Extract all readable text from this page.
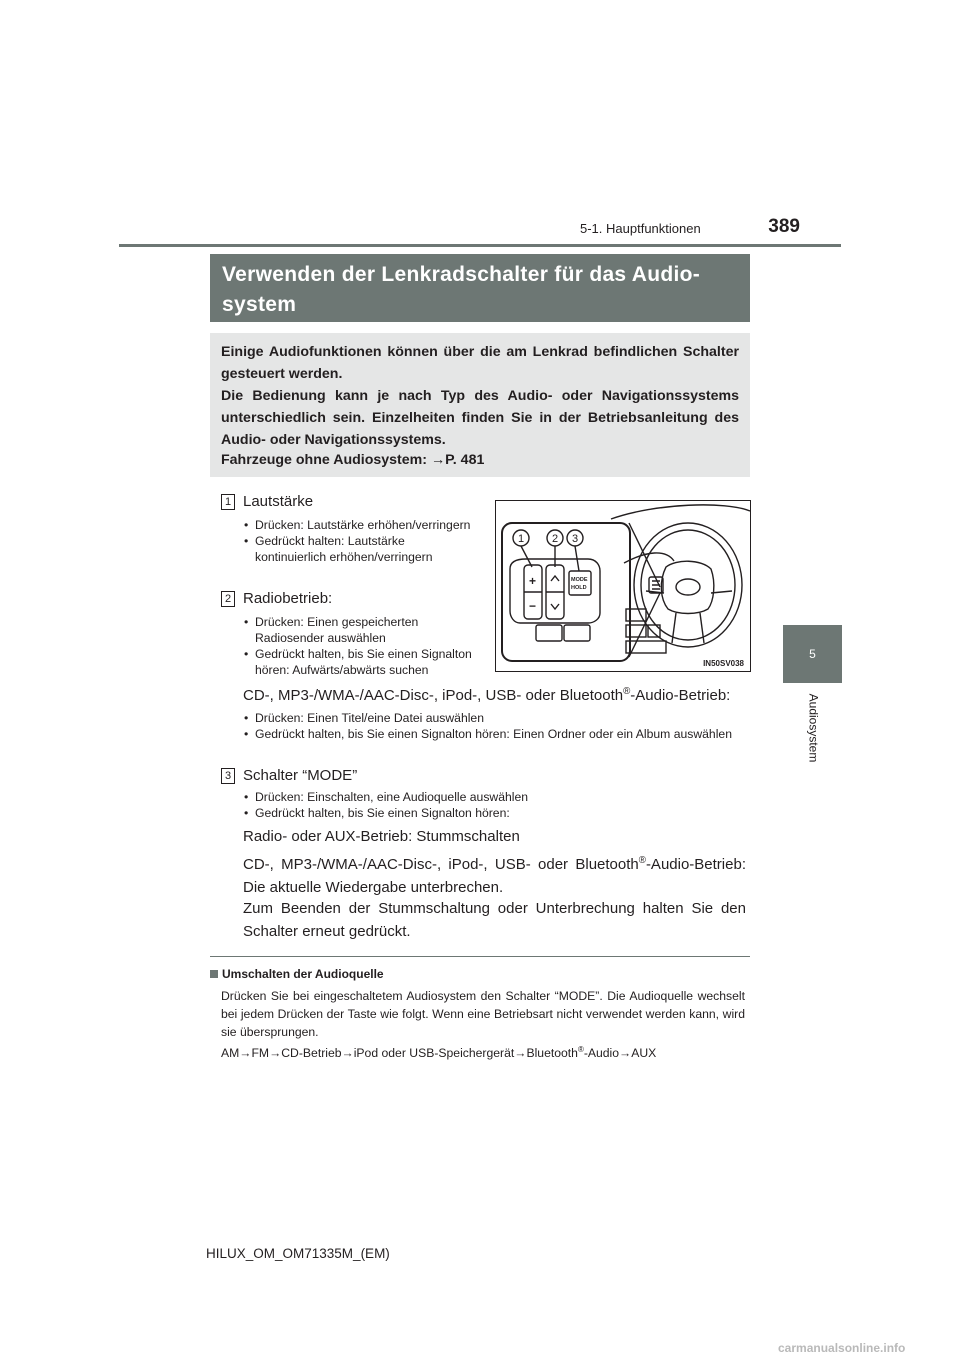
5-1. Hauptfunktionen	389
5
Audiosystem
Verwenden der Lenkradschalter für das Audio-system

Einige Audiofunktionen können über die am Lenkrad befindlichen Schalter gesteuert werden.

Die Bedienung kann je nach Typ des Audio- oder Navigationssystems unterschiedlich sein. Einzelheiten finden Sie in der Betriebsanleitung des Audio- oder Navigationssystems.

Fahrzeuge ohne Audiosystem: →P. 481
1 Lautstärke
• Drücken: Lautstärke erhöhen/verringern
• Gedrückt halten: Lautstärke kontinuierlich erhöhen/verringern
2 Radiobetrieb:
• Drücken: Einen gespeicherten Radiosender auswählen
• Gedrückt halten, bis Sie einen Signalton hören: Aufwärts/abwärts suchen
CD-, MP3-/WMA-/AAC-Disc-, iPod-, USB- oder Bluetooth®-Audio-Betrieb:
• Drücken: Einen Titel/eine Datei auswählen
• Gedrückt halten, bis Sie einen Signalton hören: Einen Ordner oder ein Album auswählen
3 Schalter “MODE”
• Drücken: Einschalten, eine Audioquelle auswählen
• Gedrückt halten, bis Sie einen Signalton hören:
Radio- oder AUX-Betrieb: Stummschalten
CD-, MP3-/WMA-/AAC-Disc-, iPod-, USB- oder Bluetooth®-Audio-Betrieb: Die aktuelle Wiedergabe unterbrechen.
Zum Beenden der Stummschaltung oder Unterbrechung halten Sie den Schalter erneut gedrückt.
1	2 3
+
−
MODE
HOLD
IN50SV038
Umschalten der Audioquelle
Drücken Sie bei eingeschaltetem Audiosystem den Schalter “MODE”. Die Audioquelle wechselt bei jedem Drücken der Taste wie folgt. Wenn eine Betriebsart nicht verwendet werden kann, wird sie übersprungen.
AM→FM→CD-Betrieb→iPod oder USB-Speichergerät→Bluetooth®-Audio→AUX
HILUX_OM_OM71335M_(EM)
carmanualsonline.info
